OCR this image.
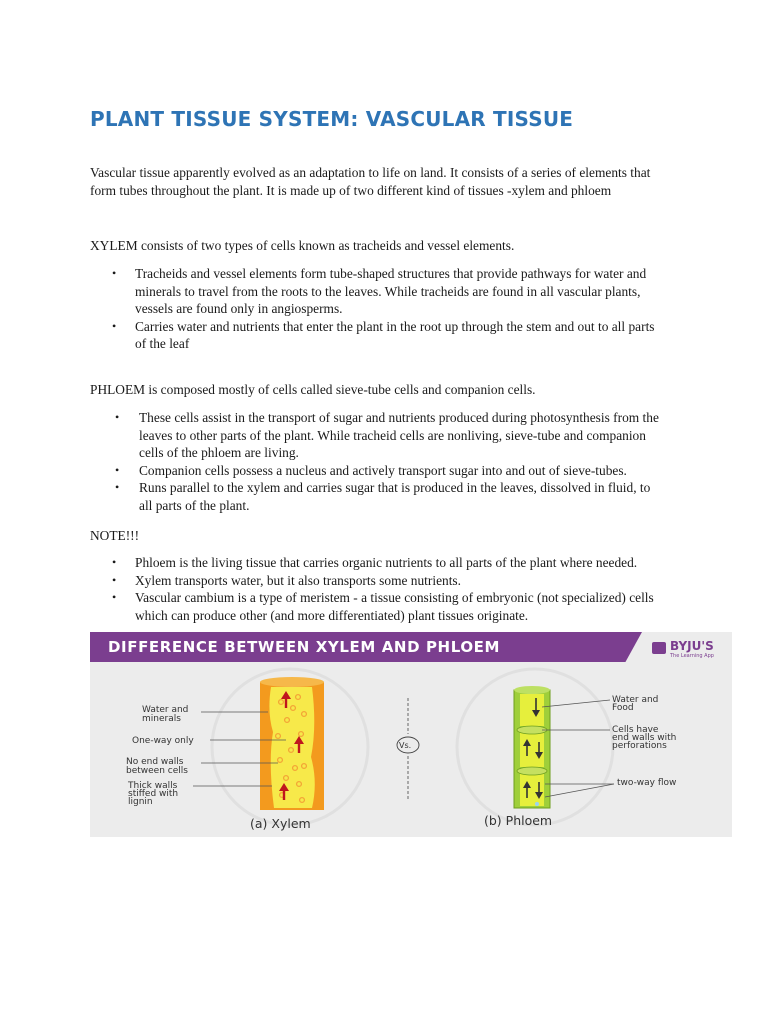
PLANT TISSUE SYSTEM: VASCULAR TISSUE

Vascular tissue apparently evolved as an adaptation to life on land. It consists of a series of elements that
form tubes throughout the plant. It is made up of two different kind of tissues -xylem and phloem

XYLEM consists of two types of cells known as tracheids and vessel elements.

• Tracheids and vessel elements form tube-shaped structures that provide pathways for water and
minerals to travel from the roots to the leaves. While tracheids are found in all vascular plants,
vessels are found only in angiosperms.
• Carries water and nutrients that enter the plant in the root up through the stem and out to all parts
of the leaf

PHLOEM is composed mostly of cells called sieve-tube cells and companion cells.

• These cells assist in the transport of sugar and nutrients produced during photosynthesis from the
leaves to other parts of the plant. While tracheid cells are nonliving, sieve-tube and companion
cells of the phloem are living.
• Companion cells possess a nucleus and actively transport sugar into and out of sieve-tubes.
• Runs parallel to the xylem and carries sugar that is produced in the leaves, dissolved in fluid, to
all parts of the plant.

NOTE!!!

• Phloem is the living tissue that carries organic nutrients to all parts of the plant where needed.
• Xylem transports water, but it also transports some nutrients.
• Vascular cambium is a type of meristem - a tissue consisting of embryonic (not specialized) cells
which can produce other (and more differentiated) plant tissues originate.
DIFFERENCE BETWEEN XYLEM AND PHLOEM	BYJU'S
The Learning App
Water and minerals
One-way only
No end walls between cells
Thick walls stiffed with lignin
(a) Xylem
Vs.
Water and Food
Cells have end walls with perforations
two-way flow
(b) Phloem
